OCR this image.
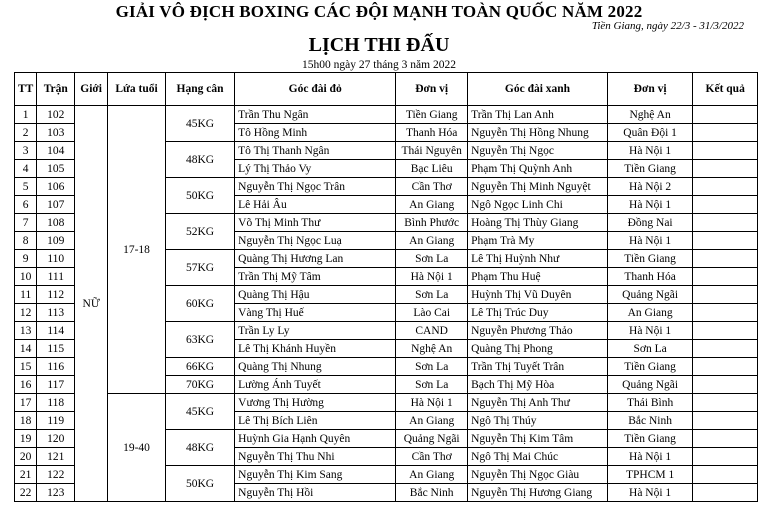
GIẢI VÔ ĐỊCH BOXING CÁC ĐỘI MẠNH TOÀN QUỐC NĂM 2022
Tiền Giang, ngày 22/3 - 31/3/2022
LỊCH THI ĐẤU
15h00 ngày 27 tháng 3 năm 2022
TT	Trận	Giới	Lứa tuổi	Hạng cân	Góc đài đỏ	Đơn vị	Góc đài xanh	Đơn vị	Kết quả
1	102	NỮ	17-18	45KG	Trần Thu Ngân	Tiền Giang	Trần Thị Lan Anh	Nghệ An	
2	103				Tô Hồng Minh	Thanh Hóa	Nguyễn Thị Hồng Nhung	Quân Đội 1	
3	104			48KG	Tô Thị Thanh Ngân	Thái Nguyên	Nguyễn Thị Ngọc	Hà Nội 1	
4	105				Lý Thị Thảo Vy	Bạc Liêu	Phạm Thị Quỳnh Anh	Tiền Giang	
5	106			50KG	Nguyễn Thị Ngọc Trân	Cần Thơ	Nguyễn Thị Minh Nguyệt	Hà Nội 2	
6	107				Lê Hải Âu	An Giang	Ngô Ngọc Linh Chi	Hà Nội 1	
7	108			52KG	Võ Thị Minh Thư	Bình Phước	Hoàng Thị Thùy Giang	Đồng Nai	
8	109				Nguyễn Thị Ngọc Luạ	An Giang	Phạm Trà My	Hà Nội 1	
9	110			57KG	Quàng Thị Hương Lan	Sơn La	Lê Thị Huỳnh Như	Tiền Giang	
10	111				Trần Thị Mỹ Tâm	Hà Nội 1	Phạm Thu Huệ	Thanh Hóa	
11	112			60KG	Quàng Thị Hậu	Sơn La	Huỳnh Thị Vũ Duyên	Quảng Ngãi	
12	113				Vàng Thị Huế	Lào Cai	Lê Thị Trúc Duy	An Giang	
13	114			63KG	Trần Ly Ly	CAND	Nguyễn Phương Thảo	Hà Nội 1	
14	115				Lê Thị Khánh Huyền	Nghệ An	Quàng Thị Phong	Sơn La	
15	116			66KG	Quàng Thị Nhung	Sơn La	Trần Thị Tuyết Trân	Tiền Giang	
16	117			70KG	Lường Ánh Tuyết	Sơn La	Bạch Thị Mỹ Hòa	Quảng Ngãi	
17	118		19-40	45KG	Vương Thị Hường	Hà Nội 1	Nguyễn Thị Anh Thư	Thái Bình	
18	119				Lê Thị Bích Liên	An Giang	Ngô Thị Thúy	Bắc Ninh	
19	120			48KG	Huỳnh Gia Hạnh Quyên	Quảng Ngãi	Nguyễn Thị Kim Tâm	Tiền Giang	
20	121				Nguyễn Thị Thu Nhi	Cần Thơ	Ngô Thị Mai Chúc	Hà Nội 1	
21	122			50KG	Nguyễn Thị Kim Sang	An Giang	Nguyễn Thị Ngọc Giàu	TPHCM 1	
22	123				Nguyễn Thị Hồi	Bắc Ninh	Nguyễn Thị Hương Giang	Hà Nội 1	
